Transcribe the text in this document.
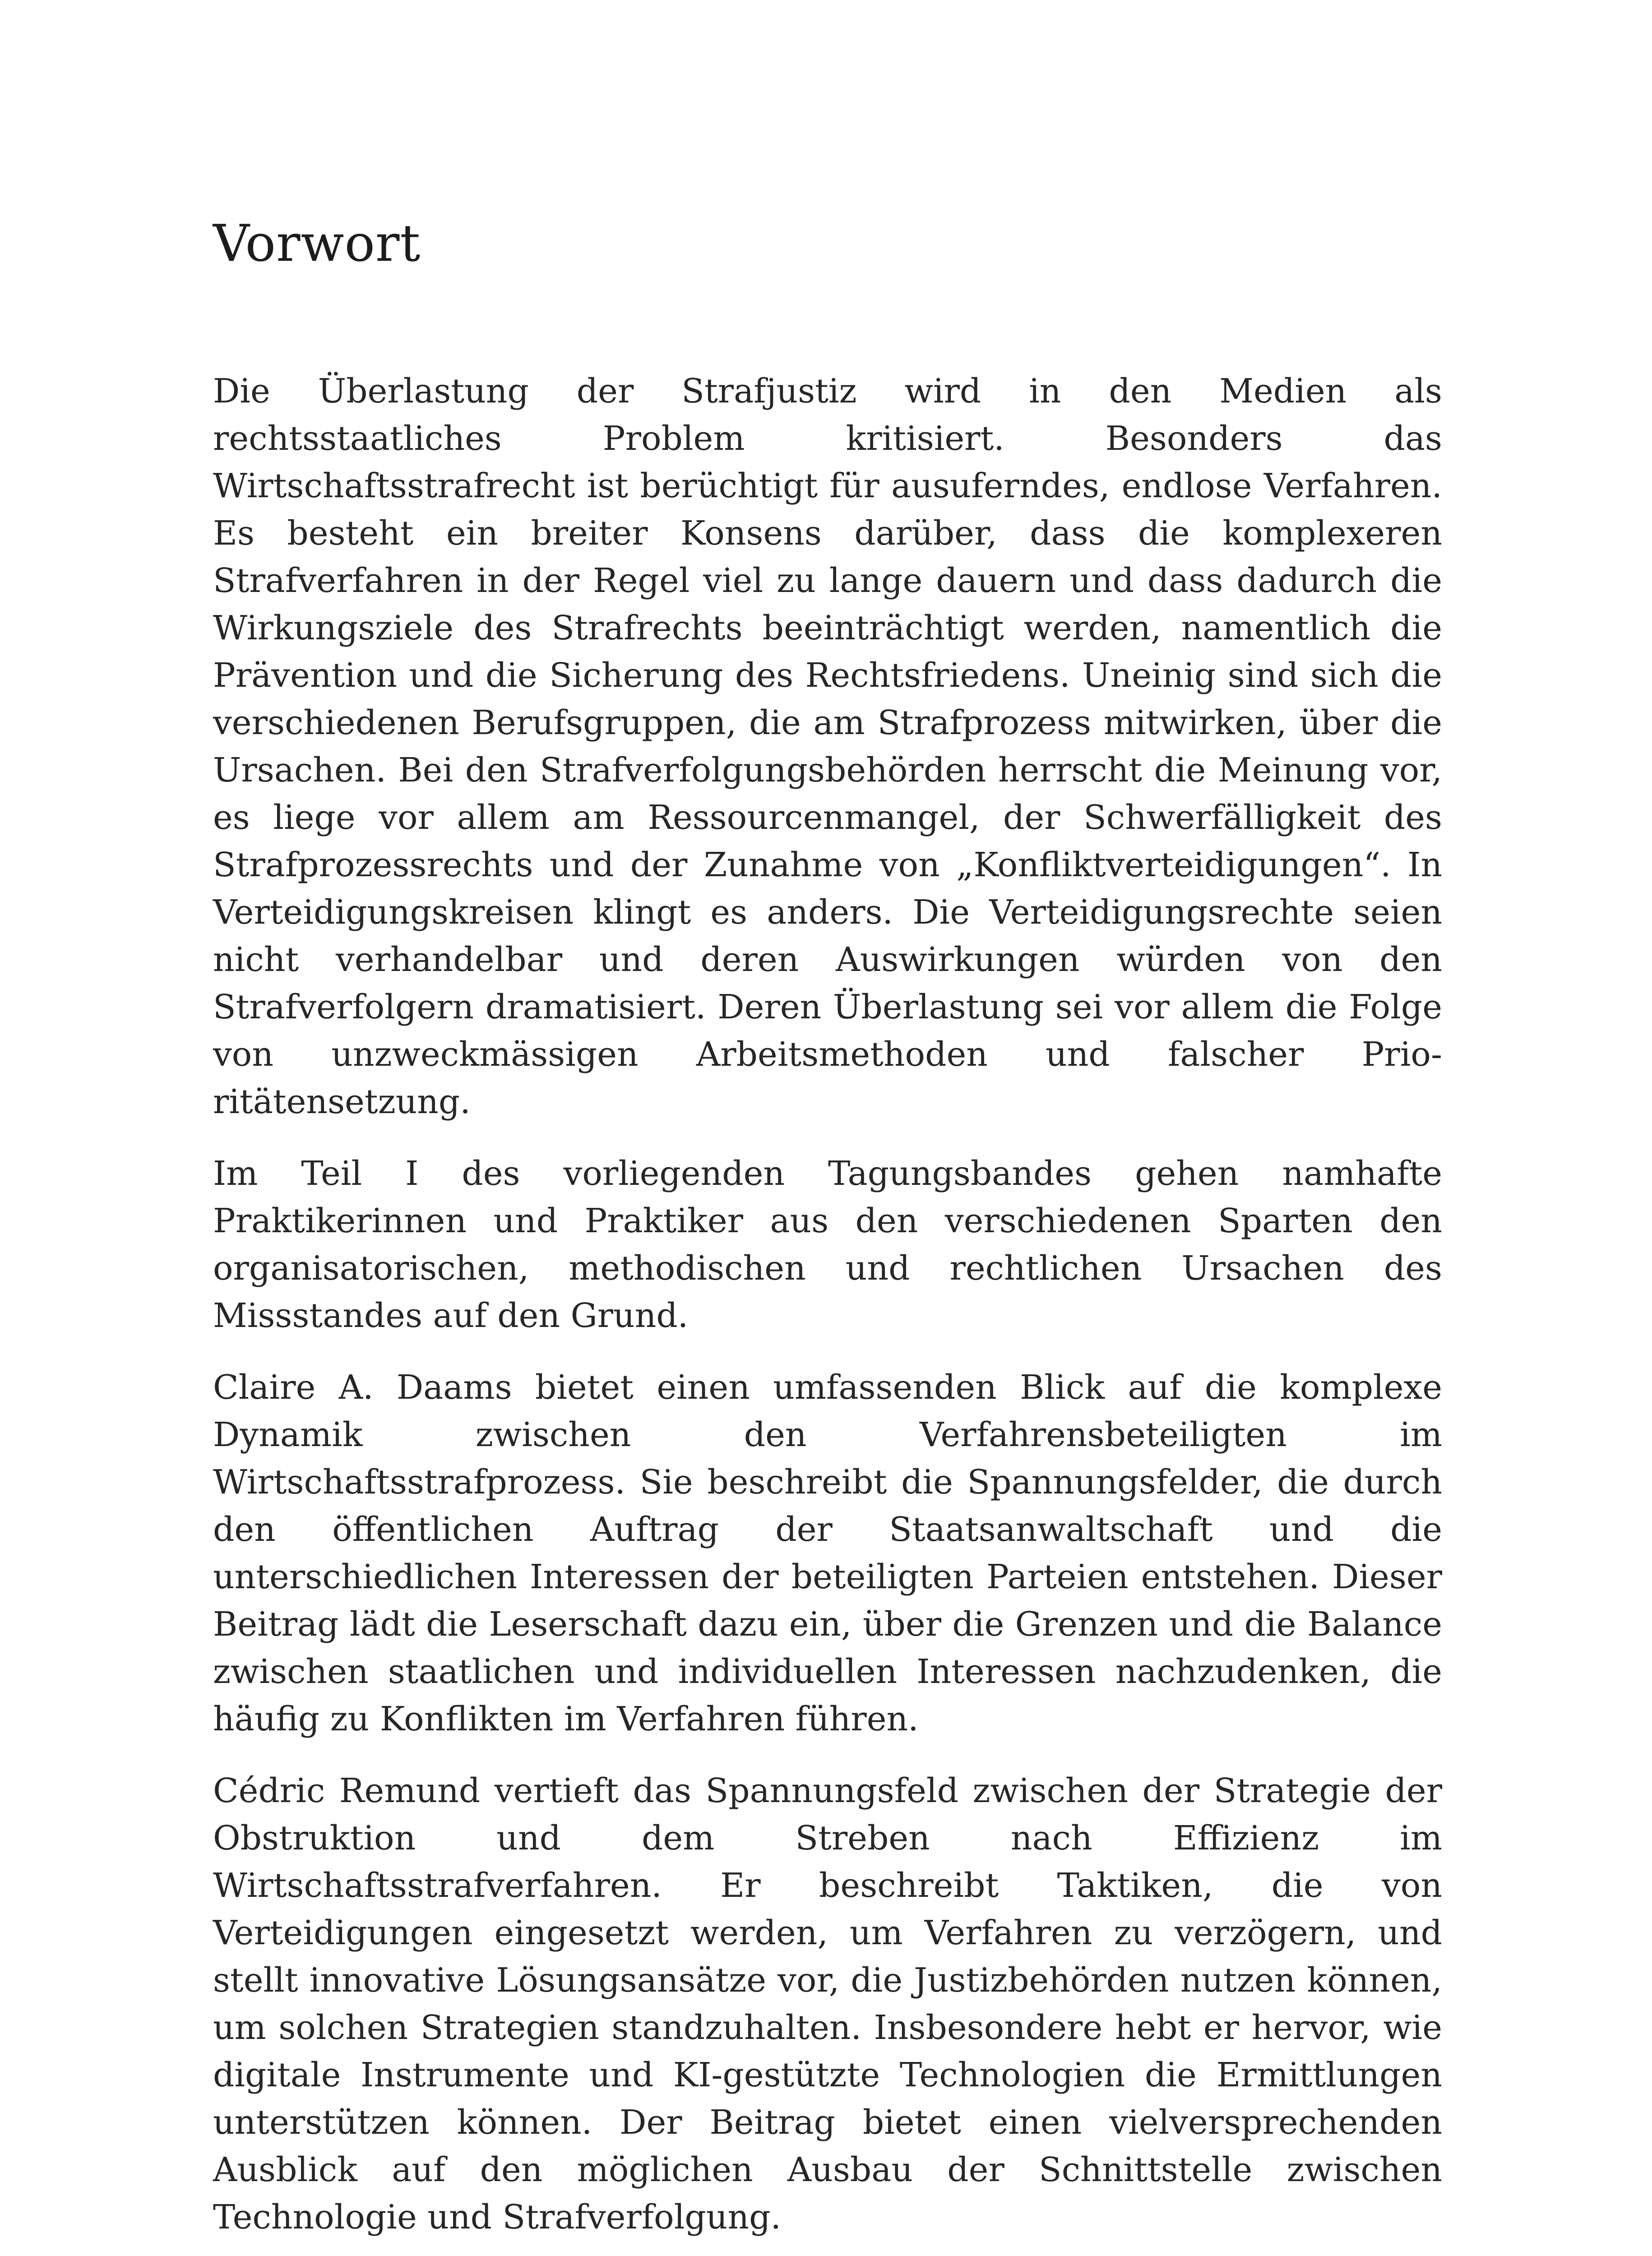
Vorwort

Die Überlastung der Strafjustiz wird in den Medien als rechtsstaatliches Problem kritisiert. Besonders das Wirtschaftsstrafrecht ist berüchtigt für ausuferndes, endlose Verfahren. Es besteht ein breiter Konsens darüber, dass die komplexeren Strafverfahren in der Regel viel zu lange dauern und dass dadurch die Wirkungsziele des Strafrechts beeinträchtigt werden, namentlich die Prävention und die Sicherung des Rechtsfriedens. Uneinig sind sich die verschiedenen Berufsgruppen, die am Strafprozess mitwirken, über die Ursachen. Bei den Strafverfolgungsbehörden herrscht die Meinung vor, es liege vor allem am Ressourcenmangel, der Schwerfälligkeit des Strafprozessrechts und der Zunahme von „Konfliktverteidigungen“. In Verteidigungskreisen klingt es anders. Die Verteidigungsrechte seien nicht verhandelbar und deren Auswirkungen würden von den Strafverfolgern dramatisiert. Deren Überlastung sei vor allem die Folge von unzweckmässigen Arbeitsmethoden und falscher Prioritätensetzung.

Im Teil I des vorliegenden Tagungsbandes gehen namhafte Praktikerinnen und Praktiker aus den verschiedenen Sparten den organisatorischen, methodischen und rechtlichen Ursachen des Missstandes auf den Grund.

Claire A. Daams bietet einen umfassenden Blick auf die komplexe Dynamik zwischen den Verfahrensbeteiligten im Wirtschaftsstrafprozess. Sie beschreibt die Spannungsfelder, die durch den öffentlichen Auftrag der Staatsanwaltschaft und die unterschiedlichen Interessen der beteiligten Parteien entstehen. Dieser Beitrag lädt die Leserschaft dazu ein, über die Grenzen und die Balance zwischen staatlichen und individuellen Interessen nachzudenken, die häufig zu Konflikten im Verfahren führen.

Cédric Remund vertieft das Spannungsfeld zwischen der Strategie der Obstruktion und dem Streben nach Effizienz im Wirtschaftsstrafverfahren. Er beschreibt Taktiken, die von Verteidigungen eingesetzt werden, um Verfahren zu verzögern, und stellt innovative Lösungsansätze vor, die Justizbehörden nutzen können, um solchen Strategien standzuhalten. Insbesondere hebt er hervor, wie digitale Instrumente und KI-gestützte Technologien die Ermittlungen unterstützen können. Der Beitrag bietet einen vielversprechenden Ausblick auf den möglichen Ausbau der Schnittstelle zwischen Technologie und Strafverfolgung.
